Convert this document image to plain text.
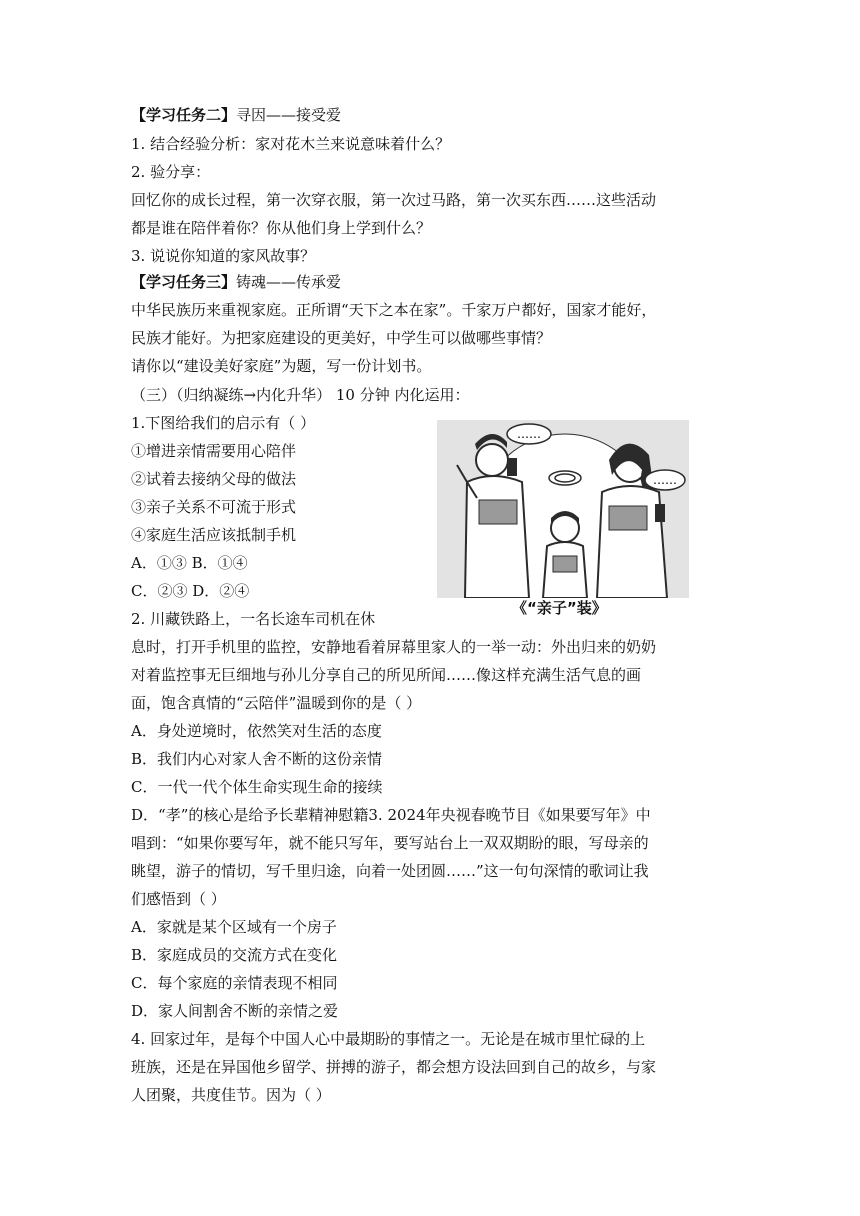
【学习任务二】寻因——接受爱
1. 结合经验分析：家对花木兰来说意味着什么？
2. 验分享：
回忆你的成长过程，第一次穿衣服，第一次过马路，第一次买东西……这些活动
都是谁在陪伴着你？你从他们身上学到什么？
3. 说说你知道的家风故事？
【学习任务三】铸魂——传承爱
中华民族历来重视家庭。正所谓“天下之本在家”。千家万户都好，国家才能好，
民族才能好。为把家庭建设的更美好，中学生可以做哪些事情？
请你以“建设美好家庭”为题，写一份计划书。
（三）（归纳凝练→内化升华） 10 分钟 内化运用：
1.下图给我们的启示有（ ）
①增进亲情需要用心陪伴
②试着去接纳父母的做法
③亲子关系不可流于形式
④家庭生活应该抵制手机
A．①③ B．①④
C．②③ D．②④
2. 川藏铁路上，一名长途车司机在休
息时，打开手机里的监控，安静地看着屏幕里家人的一举一动：外出归来的奶奶
对着监控事无巨细地与孙儿分享自己的所见所闻……像这样充满生活气息的画
面，饱含真情的“云陪伴”温暖到你的是（ ）
A．身处逆境时，依然笑对生活的态度
B．我们内心对家人舍不断的这份亲情
C．一代一代个体生命实现生命的接续
D．“孝”的核心是给予长辈精神慰籍3. 2024年央视春晚节目《如果要写年》中
唱到：“如果你要写年，就不能只写年，要写站台上一双双期盼的眼，写母亲的
眺望，游子的情切，写千里归途，向着一处团圆……”这一句句深情的歌词让我
们感悟到（ ）
A．家就是某个区域有一个房子
B．家庭成员的交流方式在变化
C．每个家庭的亲情表现不相同
D．家人间割舍不断的亲情之爱
4. 回家过年，是每个中国人心中最期盼的事情之一。无论是在城市里忙碌的上
班族，还是在异国他乡留学、拼搏的游子，都会想方设法回到自己的故乡，与家
人团聚，共度佳节。因为（ ）
……
……
《“亲子”装》
